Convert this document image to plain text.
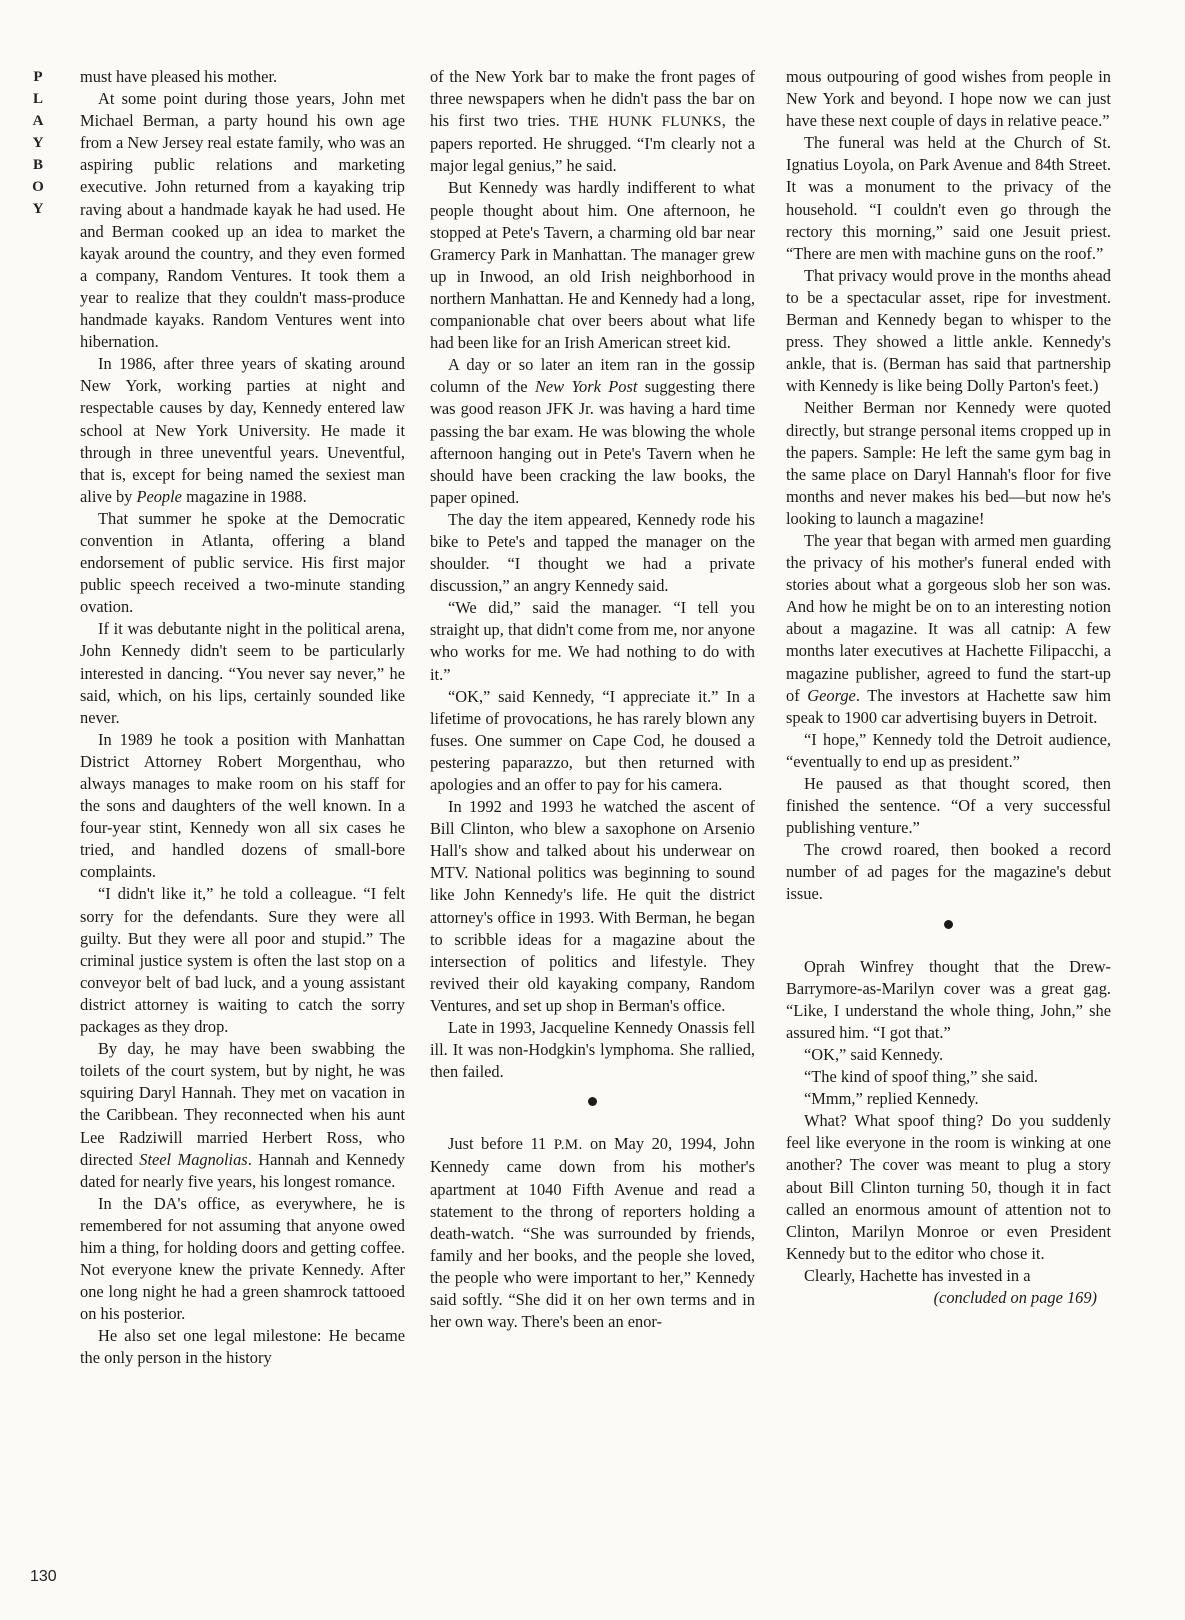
P
L
A
Y
B
O
Y
130

must have pleased his mother.

At some point during those years, John met Michael Berman, a party hound his own age from a New Jersey real estate family, who was an aspiring public relations and marketing executive. John returned from a kayaking trip raving about a handmade kayak he had used. He and Berman cooked up an idea to market the kayak around the country, and they even formed a company, Random Ventures. It took them a year to realize that they couldn't mass-produce handmade kayaks. Random Ventures went into hibernation.

In 1986, after three years of skating around New York, working parties at night and respectable causes by day, Kennedy entered law school at New York University. He made it through in three uneventful years. Uneventful, that is, except for being named the sexiest man alive by People magazine in 1988.

That summer he spoke at the Democratic convention in Atlanta, offering a bland endorsement of public service. His first major public speech received a two-minute standing ovation.

If it was debutante night in the political arena, John Kennedy didn't seem to be particularly interested in dancing. “You never say never,” he said, which, on his lips, certainly sounded like never.

In 1989 he took a position with Manhattan District Attorney Robert Morgenthau, who always manages to make room on his staff for the sons and daughters of the well known. In a four-year stint, Kennedy won all six cases he tried, and handled dozens of small-bore complaints.

“I didn't like it,” he told a colleague. “I felt sorry for the defendants. Sure they were all guilty. But they were all poor and stupid.” The criminal justice system is often the last stop on a conveyor belt of bad luck, and a young assistant district attorney is waiting to catch the sorry packages as they drop.

By day, he may have been swabbing the toilets of the court system, but by night, he was squiring Daryl Hannah. They met on vacation in the Caribbean. They reconnected when his aunt Lee Radziwill married Herbert Ross, who directed Steel Magnolias. Hannah and Kennedy dated for nearly five years, his longest romance.

In the DA's office, as everywhere, he is remembered for not assuming that anyone owed him a thing, for holding doors and getting coffee. Not everyone knew the private Kennedy. After one long night he had a green shamrock tattooed on his posterior.

He also set one legal milestone: He became the only person in the history

of the New York bar to make the front pages of three newspapers when he didn't pass the bar on his first two tries. THE HUNK FLUNKS, the papers reported. He shrugged. “I'm clearly not a major legal genius,” he said.

But Kennedy was hardly indifferent to what people thought about him. One afternoon, he stopped at Pete's Tavern, a charming old bar near Gramercy Park in Manhattan. The manager grew up in Inwood, an old Irish neighborhood in northern Manhattan. He and Kennedy had a long, companionable chat over beers about what life had been like for an Irish American street kid.

A day or so later an item ran in the gossip column of the New York Post suggesting there was good reason JFK Jr. was having a hard time passing the bar exam. He was blowing the whole afternoon hanging out in Pete's Tavern when he should have been cracking the law books, the paper opined.

The day the item appeared, Kennedy rode his bike to Pete's and tapped the manager on the shoulder. “I thought we had a private discussion,” an angry Kennedy said.

“We did,” said the manager. “I tell you straight up, that didn't come from me, nor anyone who works for me. We had nothing to do with it.”

“OK,” said Kennedy, “I appreciate it.” In a lifetime of provocations, he has rarely blown any fuses. One summer on Cape Cod, he doused a pestering paparazzo, but then returned with apologies and an offer to pay for his camera.

In 1992 and 1993 he watched the ascent of Bill Clinton, who blew a saxophone on Arsenio Hall's show and talked about his underwear on MTV. National politics was beginning to sound like John Kennedy's life. He quit the district attorney's office in 1993. With Berman, he began to scribble ideas for a magazine about the intersection of politics and lifestyle. They revived their old kayaking company, Random Ventures, and set up shop in Berman's office.

Late in 1993, Jacqueline Kennedy Onassis fell ill. It was non-Hodgkin's lymphoma. She rallied, then failed.

Just before 11 P.M. on May 20, 1994, John Kennedy came down from his mother's apartment at 1040 Fifth Avenue and read a statement to the throng of reporters holding a death-watch. “She was surrounded by friends, family and her books, and the people she loved, the people who were important to her,” Kennedy said softly. “She did it on her own terms and in her own way. There's been an enor-

mous outpouring of good wishes from people in New York and beyond. I hope now we can just have these next couple of days in relative peace.”

The funeral was held at the Church of St. Ignatius Loyola, on Park Avenue and 84th Street. It was a monument to the privacy of the household. “I couldn't even go through the rectory this morning,” said one Jesuit priest. “There are men with machine guns on the roof.”

That privacy would prove in the months ahead to be a spectacular asset, ripe for investment. Berman and Kennedy began to whisper to the press. They showed a little ankle. Kennedy's ankle, that is. (Berman has said that partnership with Kennedy is like being Dolly Parton's feet.)

Neither Berman nor Kennedy were quoted directly, but strange personal items cropped up in the papers. Sample: He left the same gym bag in the same place on Daryl Hannah's floor for five months and never makes his bed—but now he's looking to launch a magazine!

The year that began with armed men guarding the privacy of his mother's funeral ended with stories about what a gorgeous slob her son was. And how he might be on to an interesting notion about a magazine. It was all catnip: A few months later executives at Hachette Filipacchi, a magazine publisher, agreed to fund the start-up of George. The investors at Hachette saw him speak to 1900 car advertising buyers in Detroit.

“I hope,” Kennedy told the Detroit audience, “eventually to end up as president.”

He paused as that thought scored, then finished the sentence. “Of a very successful publishing venture.”

The crowd roared, then booked a record number of ad pages for the magazine's debut issue.

Oprah Winfrey thought that the Drew-Barrymore-as-Marilyn cover was a great gag. “Like, I understand the whole thing, John,” she assured him. “I got that.”

“OK,” said Kennedy.

“The kind of spoof thing,” she said.

“Mmm,” replied Kennedy.

What? What spoof thing? Do you suddenly feel like everyone in the room is winking at one another? The cover was meant to plug a story about Bill Clinton turning 50, though it in fact called an enormous amount of attention not to Clinton, Marilyn Monroe or even President Kennedy but to the editor who chose it.

Clearly, Hachette has invested in a

(concluded on page 169)
